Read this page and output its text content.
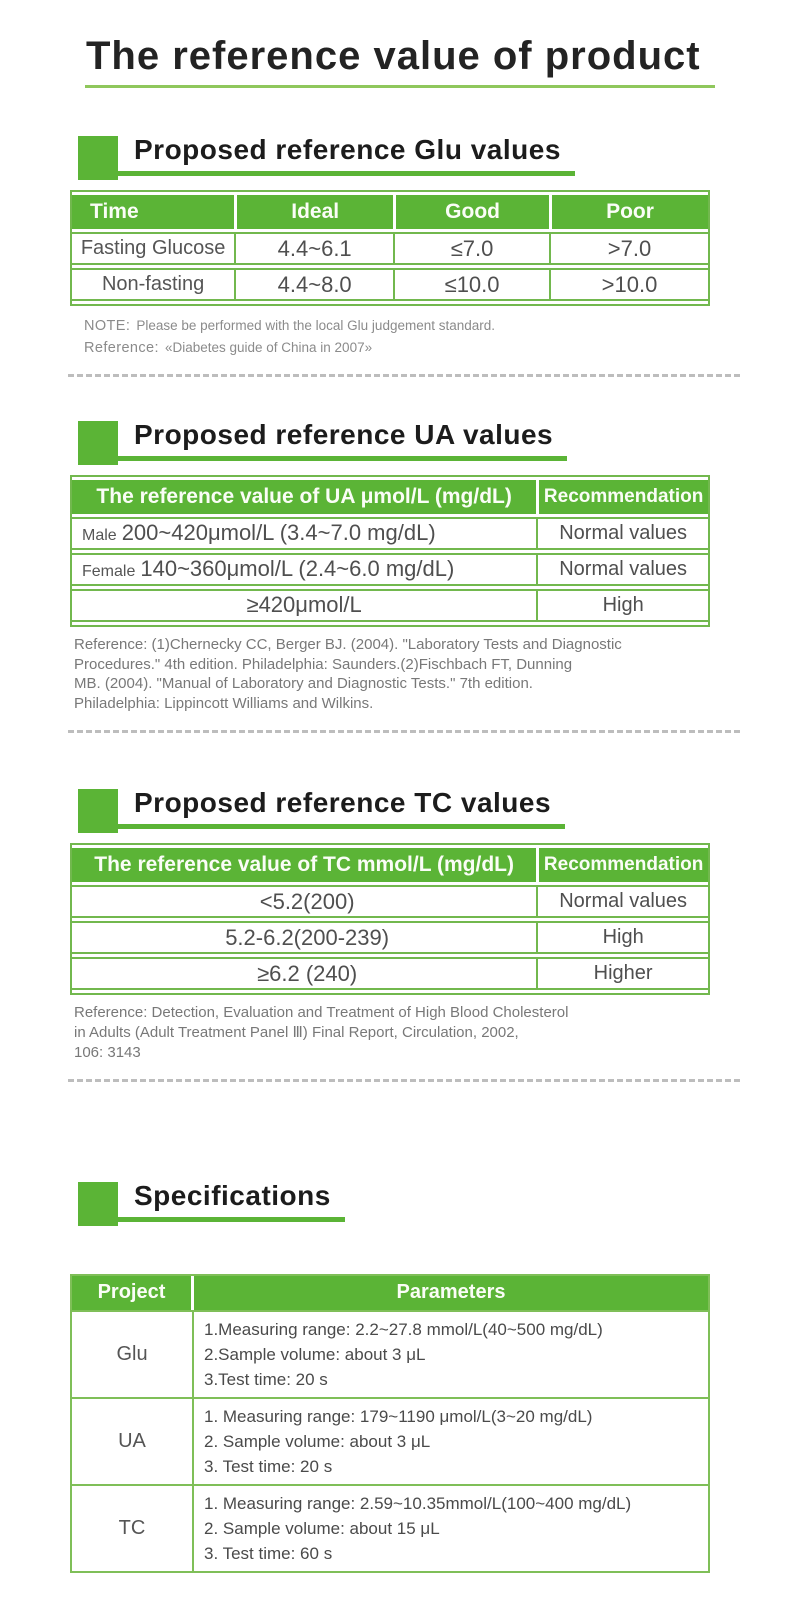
The reference value of product
Proposed reference Glu values
Time	Ideal	Good	Poor
Fasting Glucose	4.4~6.1	≤7.0	>7.0
Non-fasting	4.4~8.0	≤10.0	>10.0
NOTE: Please be performed with the local Glu judgement standard.
Reference: «Diabetes guide of China in 2007»
Proposed reference UA values
The reference value of UA μmol/L (mg/dL)	Recommendation
Male 200~420μmol/L (3.4~7.0 mg/dL)	Normal values
Female 140~360μmol/L (2.4~6.0 mg/dL)	Normal values
≥420μmol/L	High
Reference: (1)Chernecky CC, Berger BJ. (2004). "Laboratory Tests and Diagnostic
Procedures." 4th edition. Philadelphia: Saunders.(2)Fischbach FT, Dunning
MB. (2004). "Manual of Laboratory and Diagnostic Tests." 7th edition.
Philadelphia: Lippincott Williams and Wilkins.
Proposed reference TC values
The reference value of TC mmol/L (mg/dL)	Recommendation
<5.2(200)	Normal values
5.2-6.2(200-239)	High
≥6.2 (240)	Higher
Reference: Detection, Evaluation and Treatment of High Blood Cholesterol
in Adults (Adult Treatment Panel Ⅲ) Final Report, Circulation, 2002,
106: 3143
Specifications
Project	Parameters
Glu	1.Measuring range: 2.2~27.8 mmol/L(40~500 mg/dL)
2.Sample volume: about 3 μL
3.Test time: 20 s

UA	1. Measuring range: 179~1190 μmol/L(3~20 mg/dL)
2. Sample volume: about 3 μL
3. Test time: 20 s

TC	1. Measuring range: 2.59~10.35mmol/L(100~400 mg/dL)
2. Sample volume: about 15 μL
3. Test time: 60 s
